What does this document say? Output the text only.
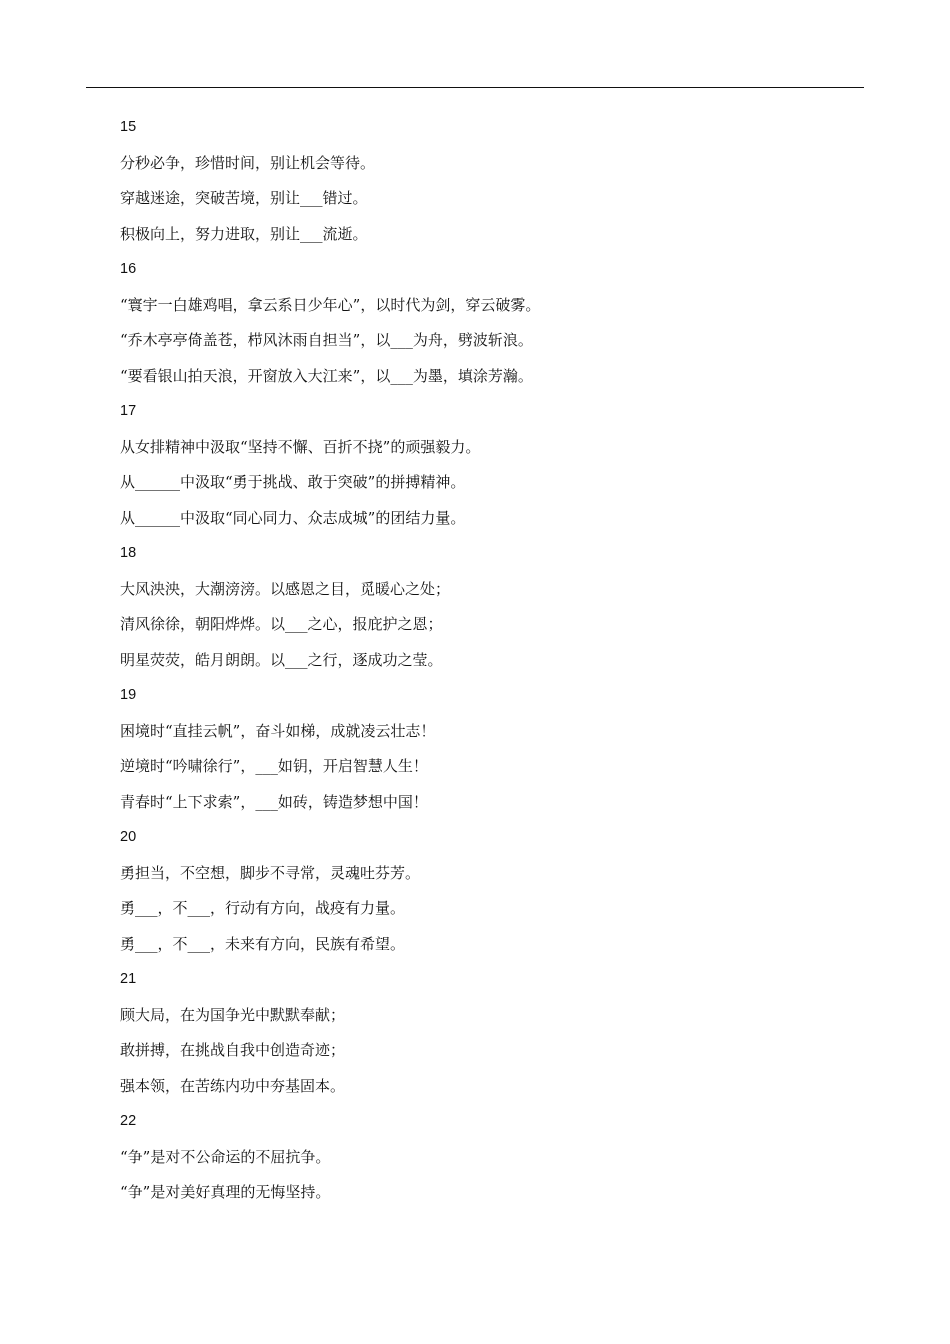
15
分秒必争，珍惜时间，别让机会等待。
穿越迷途，突破苦境，别让___错过。
积极向上，努力进取，别让___流逝。
16
“寰宇一白雄鸡唱，拿云系日少年心”，以时代为剑，穿云破雾。
“乔木亭亭倚盖苍，栉风沐雨自担当”，以___为舟，劈波斩浪。
“要看银山拍天浪，开窗放入大江来”，以___为墨，填涂芳瀚。
17
从女排精神中汲取“坚持不懈、百折不挠”的顽强毅力。
从______中汲取“勇于挑战、敢于突破”的拼搏精神。
从______中汲取“同心同力、众志成城”的团结力量。
18
大风泱泱，大潮滂滂。以感恩之目，觅暖心之处；
清风徐徐，朝阳烨烨。以___之心，报庇护之恩；
明星荧荧，皓月朗朗。以___之行，逐成功之莹。
19
困境时“直挂云帆”，奋斗如梯，成就凌云壮志！
逆境时“吟啸徐行”，___如钥，开启智慧人生！
青春时“上下求索”，___如砖，铸造梦想中国！
20
勇担当，不空想，脚步不寻常，灵魂吐芬芳。
勇___，不___，行动有方向，战疫有力量。
勇___，不___，未来有方向，民族有希望。
21
顾大局，在为国争光中默默奉献；
敢拼搏，在挑战自我中创造奇迹；
强本领，在苦练内功中夯基固本。
22
“争”是对不公命运的不屈抗争。
“争”是对美好真理的无悔坚持。
